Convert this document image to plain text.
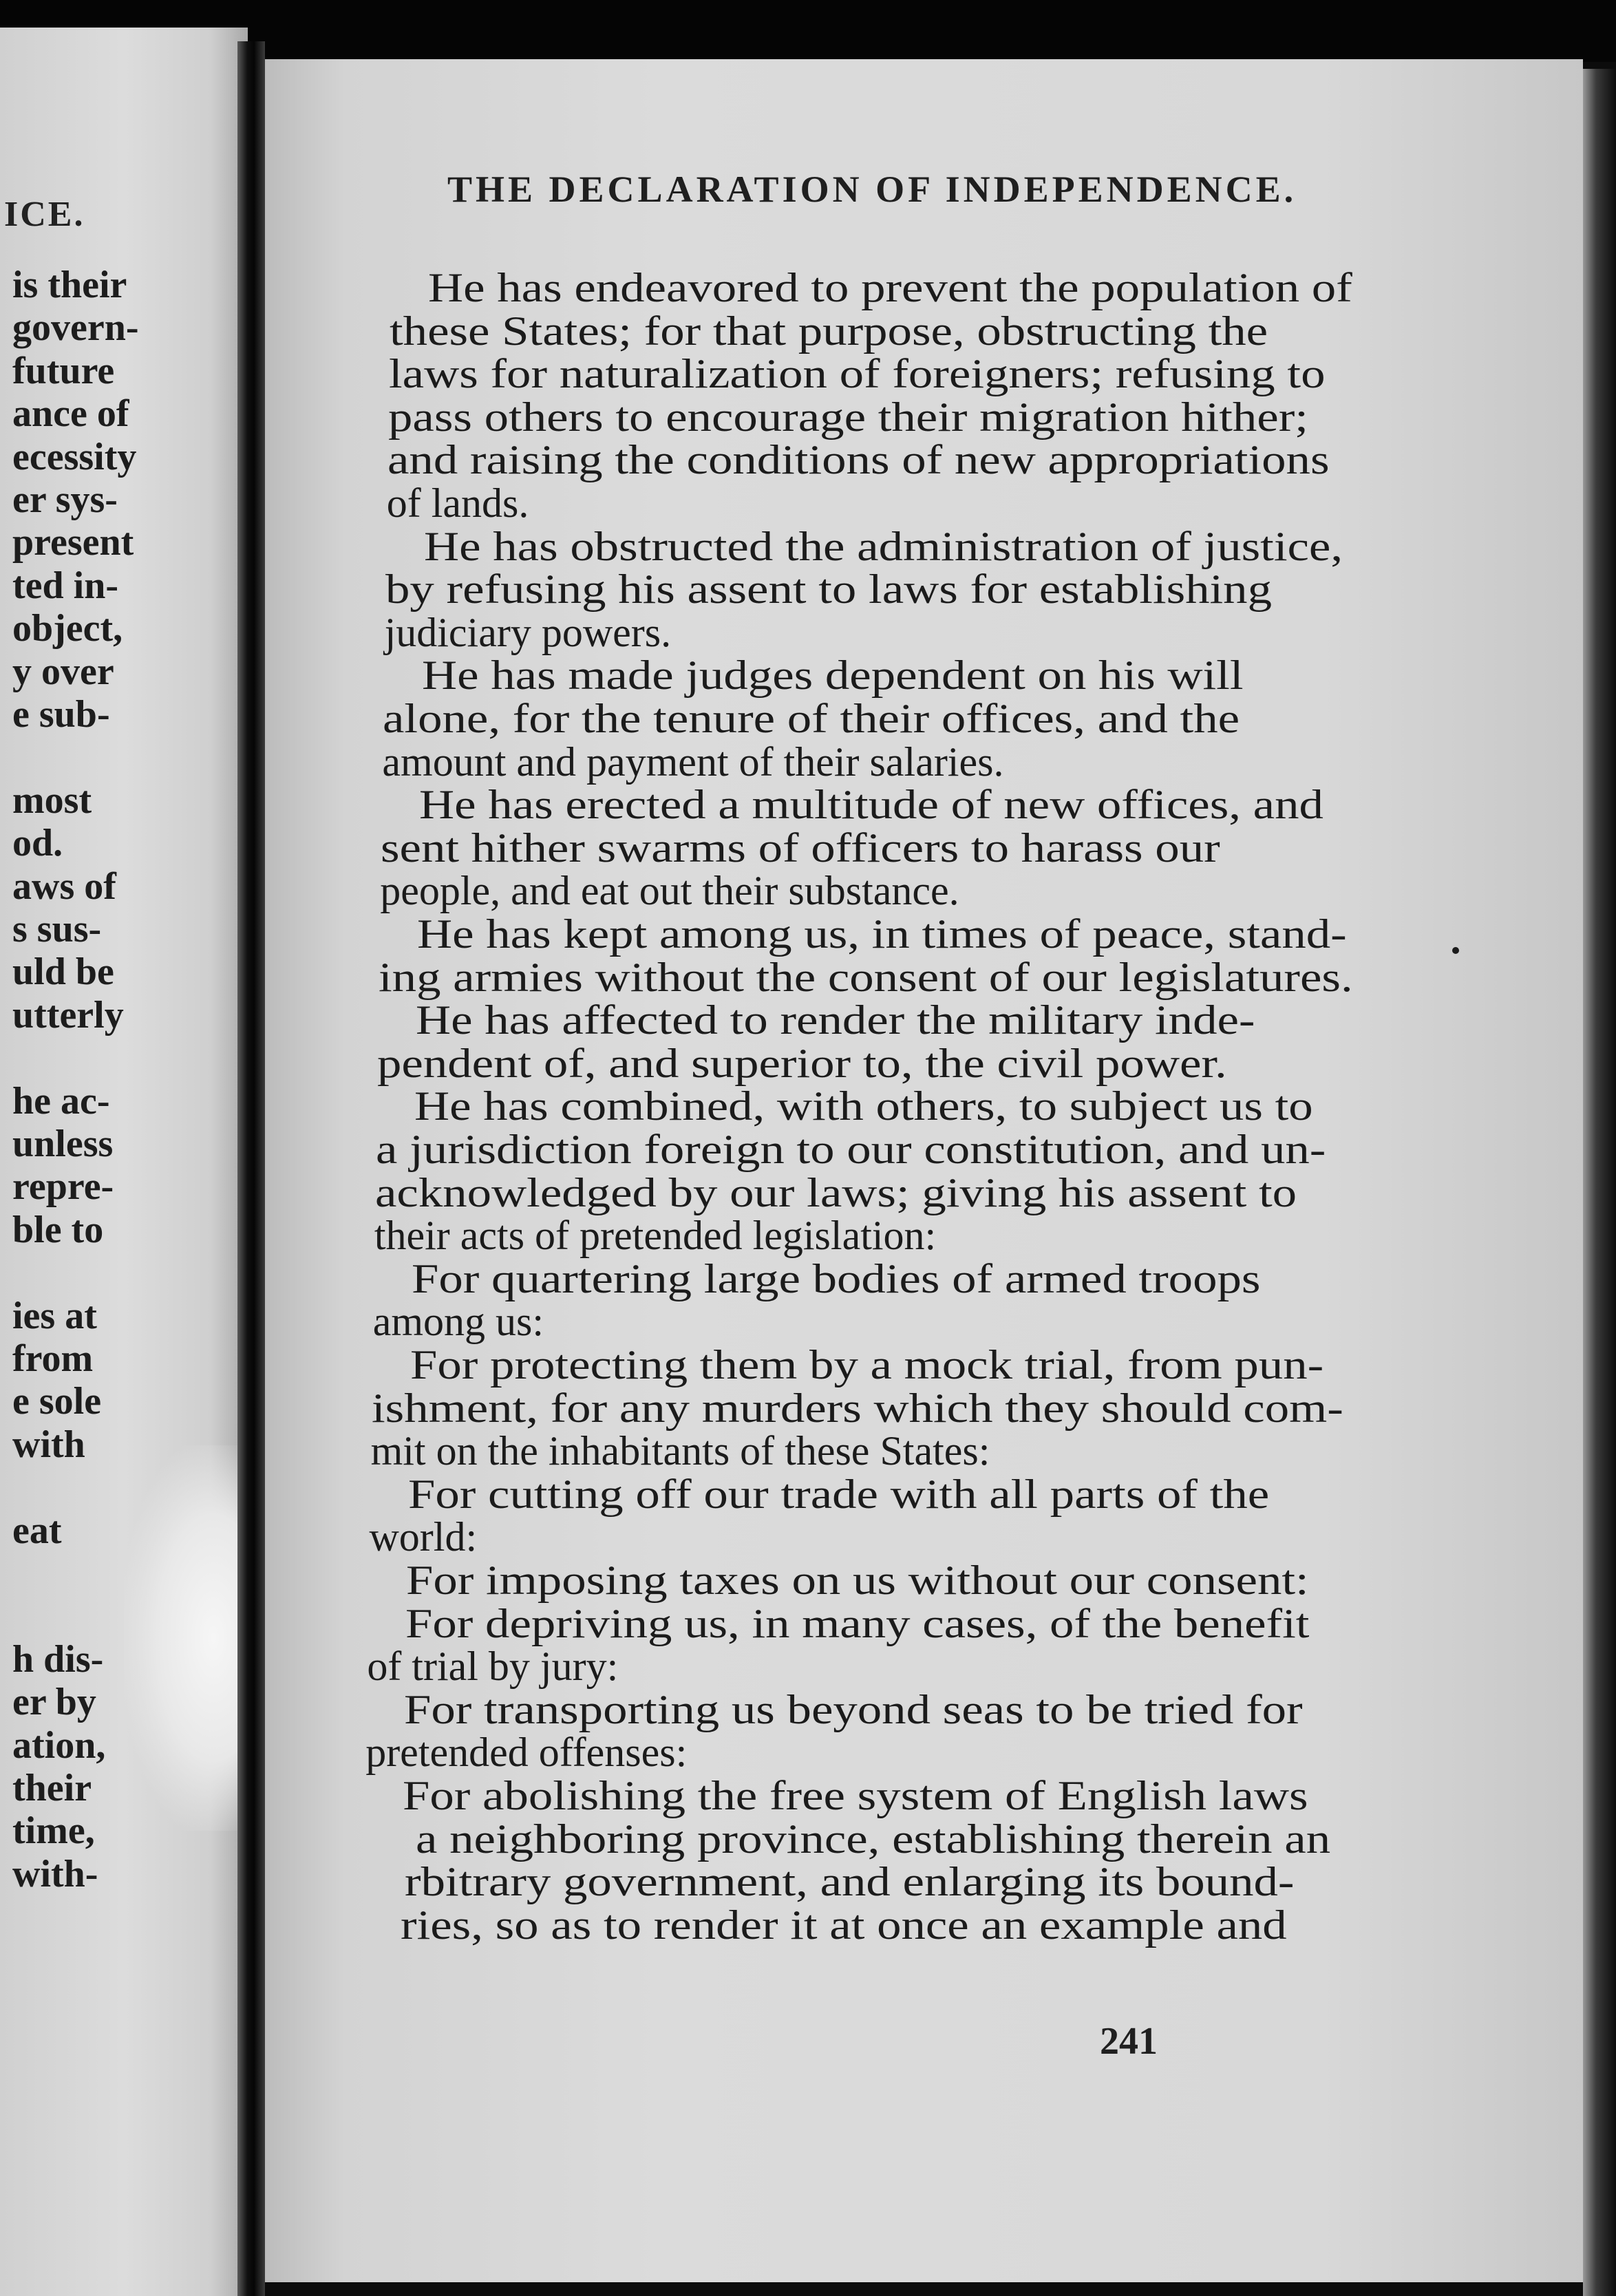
ICE.
is their
govern-
future
ance of
ecessity
er sys-
present
ted in-
object,
y over
e sub-
most
od.
aws of
s sus-
uld be
utterly
he ac-
unless
repre-
ble to
ies at
from
e sole
with
eat
h dis-
er by
ation,
their
time,
with-
THE DECLARATION OF INDEPENDENCE.
He has endeavored to prevent the population of
these States; for that purpose, obstructing the
laws for naturalization of foreigners; refusing to
pass others to encourage their migration hither;
and raising the conditions of new appropriations
of lands.
He has obstructed the administration of justice,
by refusing his assent to laws for establishing
judiciary powers.
He has made judges dependent on his will
alone, for the tenure of their offices, and the
amount and payment of their salaries.
He has erected a multitude of new offices, and
sent hither swarms of officers to harass our
people, and eat out their substance.
He has kept among us, in times of peace, stand-
ing armies without the consent of our legislatures.
He has affected to render the military inde-
pendent of, and superior to, the civil power.
He has combined, with others, to subject us to
a jurisdiction foreign to our constitution, and un-
acknowledged by our laws; giving his assent to
their acts of pretended legislation:
For quartering large bodies of armed troops
among us:
For protecting them by a mock trial, from pun-
ishment, for any murders which they should com-
mit on the inhabitants of these States:
For cutting off our trade with all parts of the
world:
For imposing taxes on us without our consent:
For depriving us, in many cases, of the benefit
of trial by jury:
For transporting us beyond seas to be tried for
pretended offenses:
For abolishing the free system of English laws
a neighboring province, establishing therein an
rbitrary government, and enlarging its bound-
ries, so as to render it at once an example and
241
